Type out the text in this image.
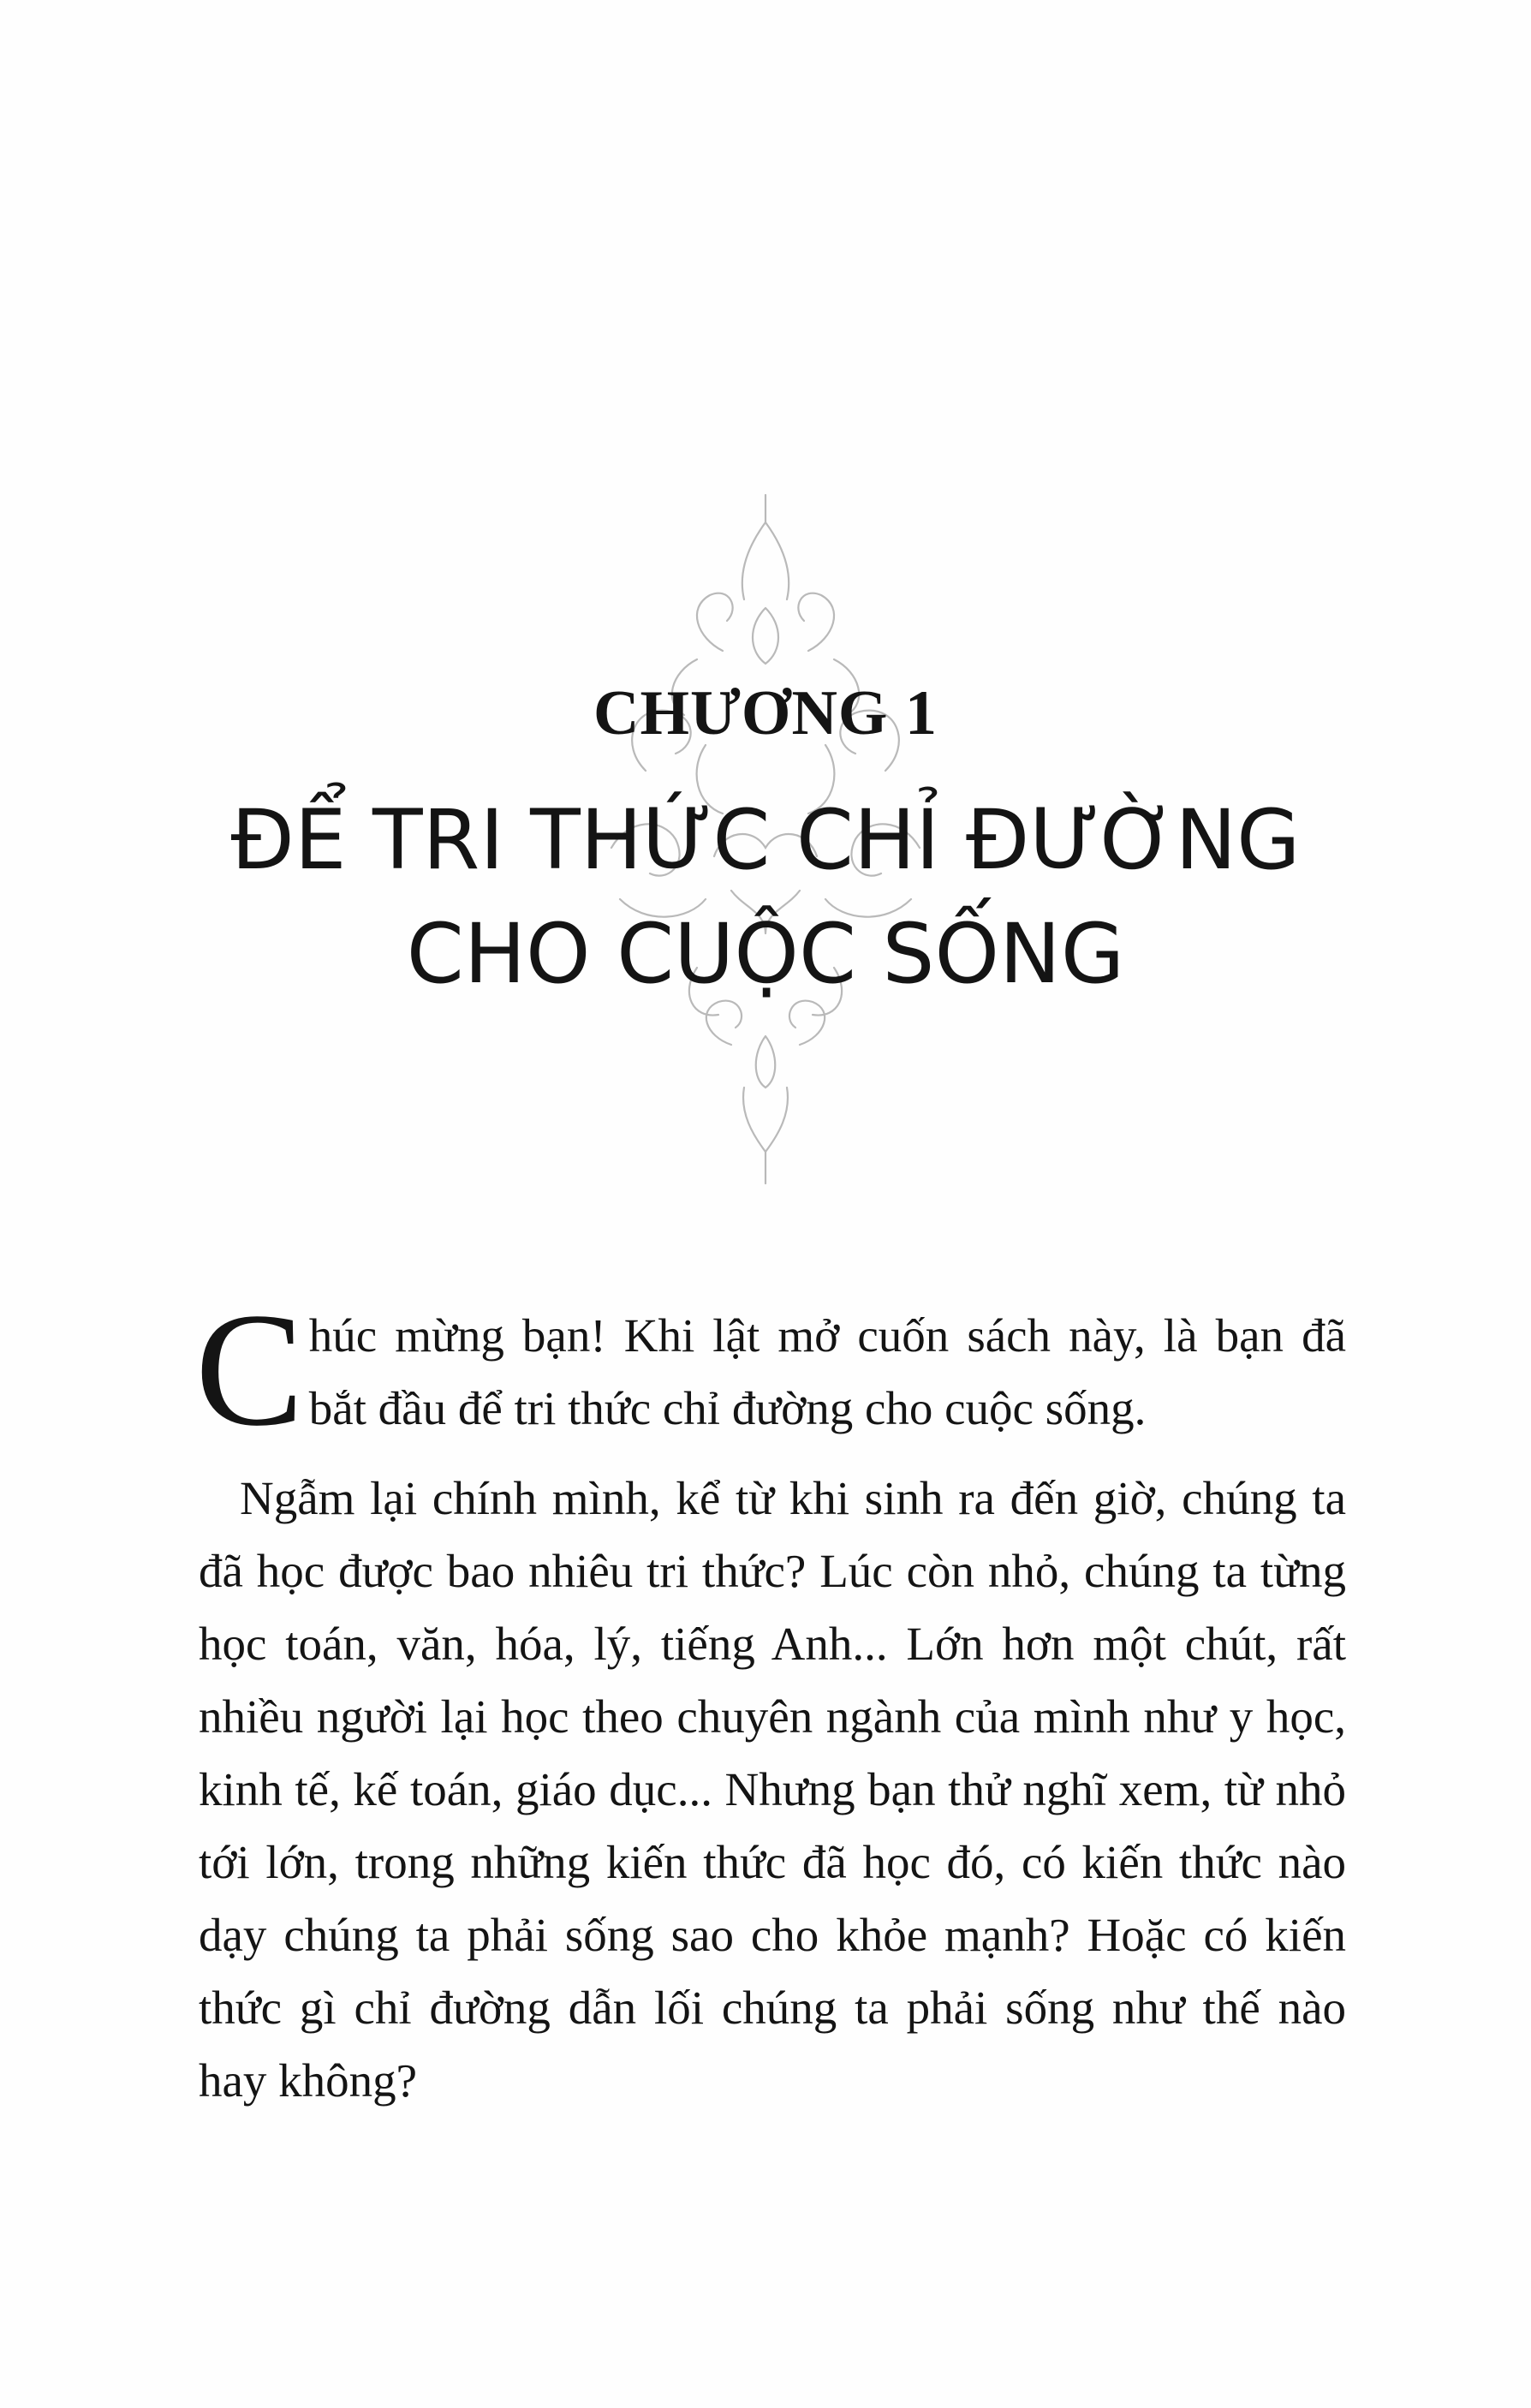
CHƯƠNG 1
ĐỂ TRI THỨC CHỈ ĐƯỜNG
CHO CUỘC SỐNG

C húc mừng bạn! Khi lật mở cuốn sách này, là bạn đã bắt đầu để tri thức chỉ đường cho cuộc sống.

Ngẫm lại chính mình, kể từ khi sinh ra đến giờ, chúng ta đã học được bao nhiêu tri thức? Lúc còn nhỏ, chúng ta từng học toán, văn, hóa, lý, tiếng Anh... Lớn hơn một chút, rất nhiều người lại học theo chuyên ngành của mình như y học, kinh tế, kế toán, giáo dục... Nhưng bạn thử nghĩ xem, từ nhỏ tới lớn, trong những kiến thức đã học đó, có kiến thức nào dạy chúng ta phải sống sao cho khỏe mạnh? Hoặc có kiến thức gì chỉ đường dẫn lối chúng ta phải sống như thế nào hay không?
